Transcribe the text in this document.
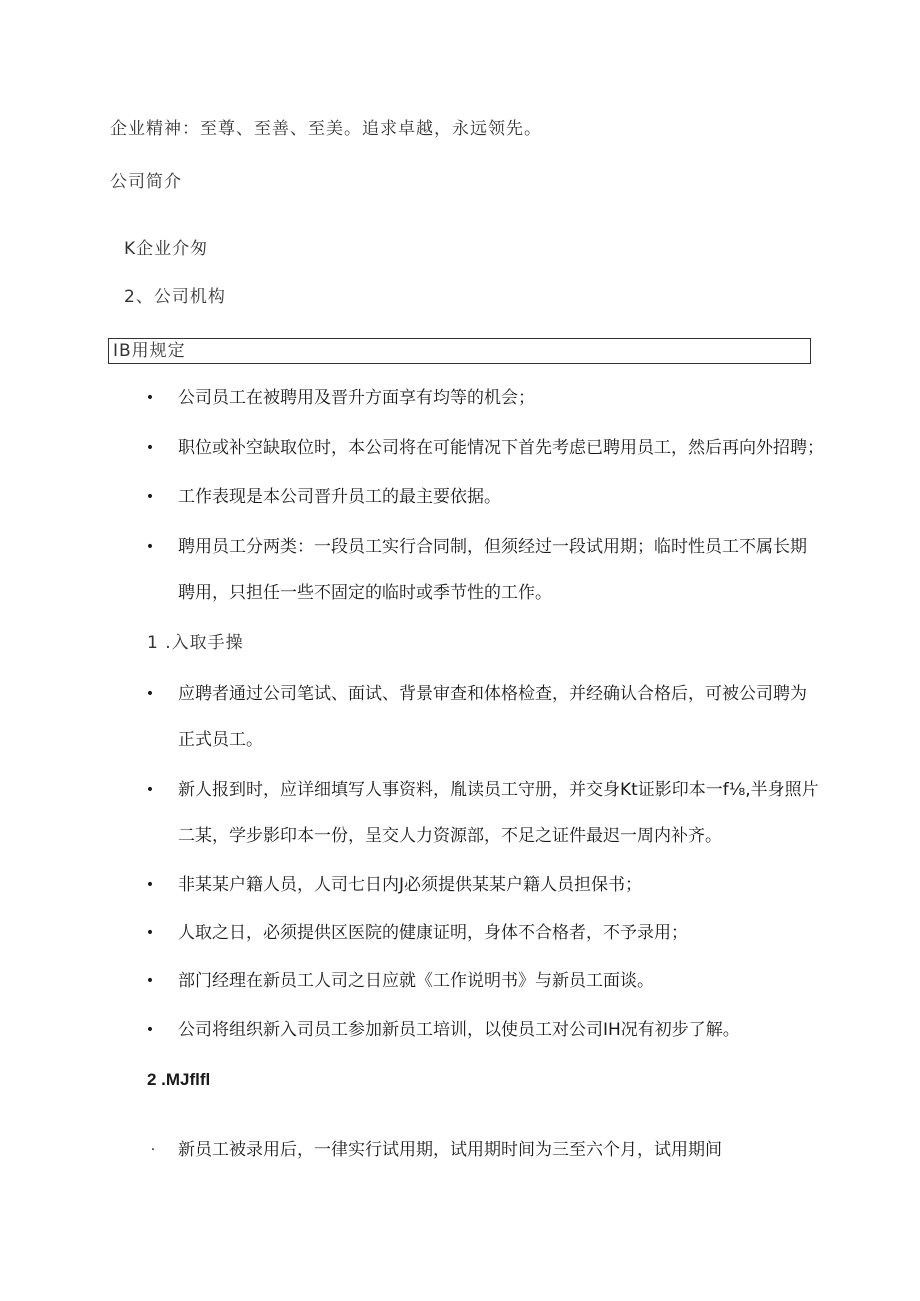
企业精神：至尊、至善、至美。追求卓越，永远领先。
公司简介
K企业介匆
2、公司机构
IB用规定
• 公司员工在被聘用及晋升方面享有均等的机会；
• 职位或补空缺取位时，本公司将在可能情况下首先考虑已聘用员工，然后再向外招聘；
• 工作表现是本公司晋升员工的最主要依据。
• 聘用员工分两类：一段员工实行合同制，但须经过一段试用期；临时性员工不属长期
聘用，只担任一些不固定的临时或季节性的工作。
1 .入取手操
• 应聘者通过公司笔试、面试、背景审查和体格检查，并经确认合格后，可被公司聘为
正式员工。
• 新人报到时，应详细填写人事资料，胤读员工守册，并交身Kt证影印本一f⅛,半身照片
二某，学步影印本一份，呈交人力资源部，不足之证件最迟一周内补齐。
• 非某某户籍人员，人司七日内J必须提供某某户籍人员担保书；
• 人取之日，必须提供区医院的健康证明，身体不合格者，不予录用；
• 部门经理在新员工人司之日应就《工作说明书》与新员工面谈。
• 公司将组织新入司员工参加新员工培训，以使员工对公司IH况有初步了解。
2 .MJflfl
· 新员工被录用后，一律实行试用期，试用期时间为三至六个月，试用期间
